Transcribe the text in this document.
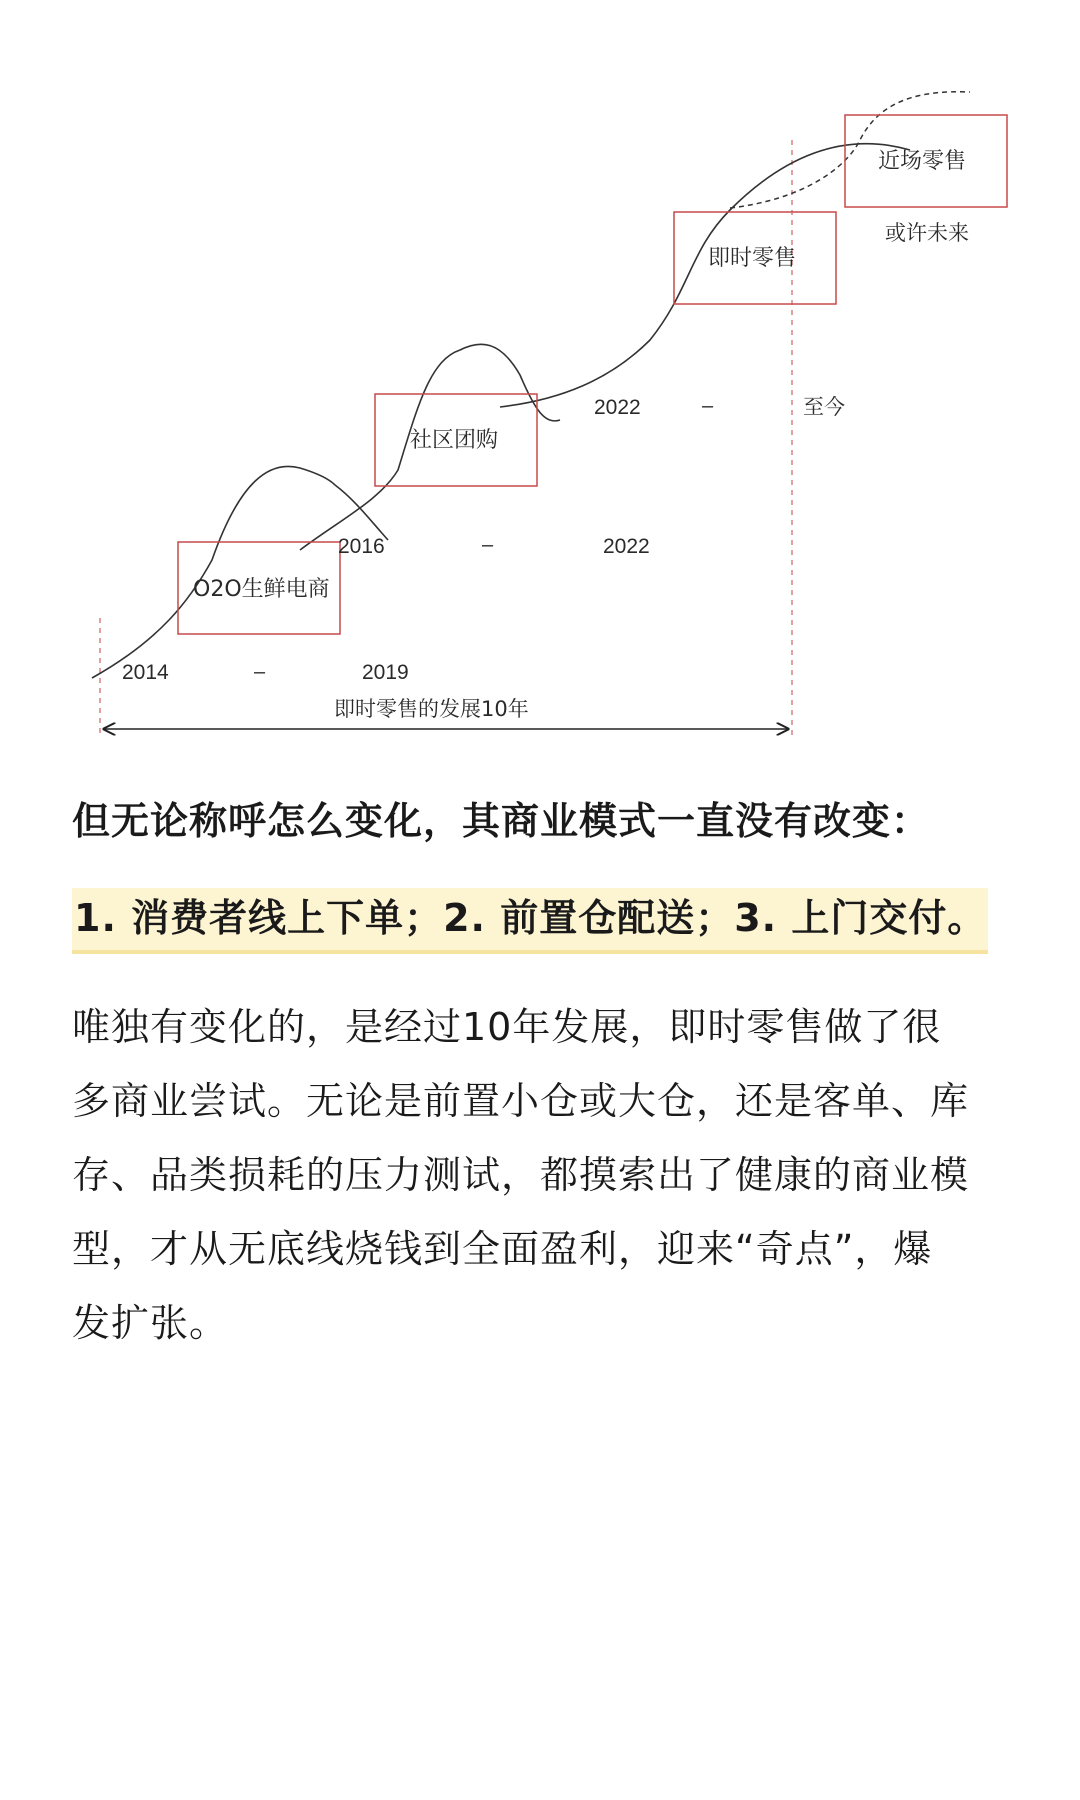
O2O生鲜电商
社区团购
即时零售
近场零售
或许未来
2014	–	2019
2016	–	2022
2022	–	至今
即时零售的发展10年

但无论称呼怎么变化，其商业模式一直没有改变：

1. 消费者线上下单；2. 前置仓配送；3. 上门交付。

唯独有变化的，是经过10年发展，即时零售做了很
多商业尝试。无论是前置小仓或大仓，还是客单、库
存、品类损耗的压力测试，都摸索出了健康的商业模
型，才从无底线烧钱到全面盈利，迎来“奇点”，爆
发扩张。
